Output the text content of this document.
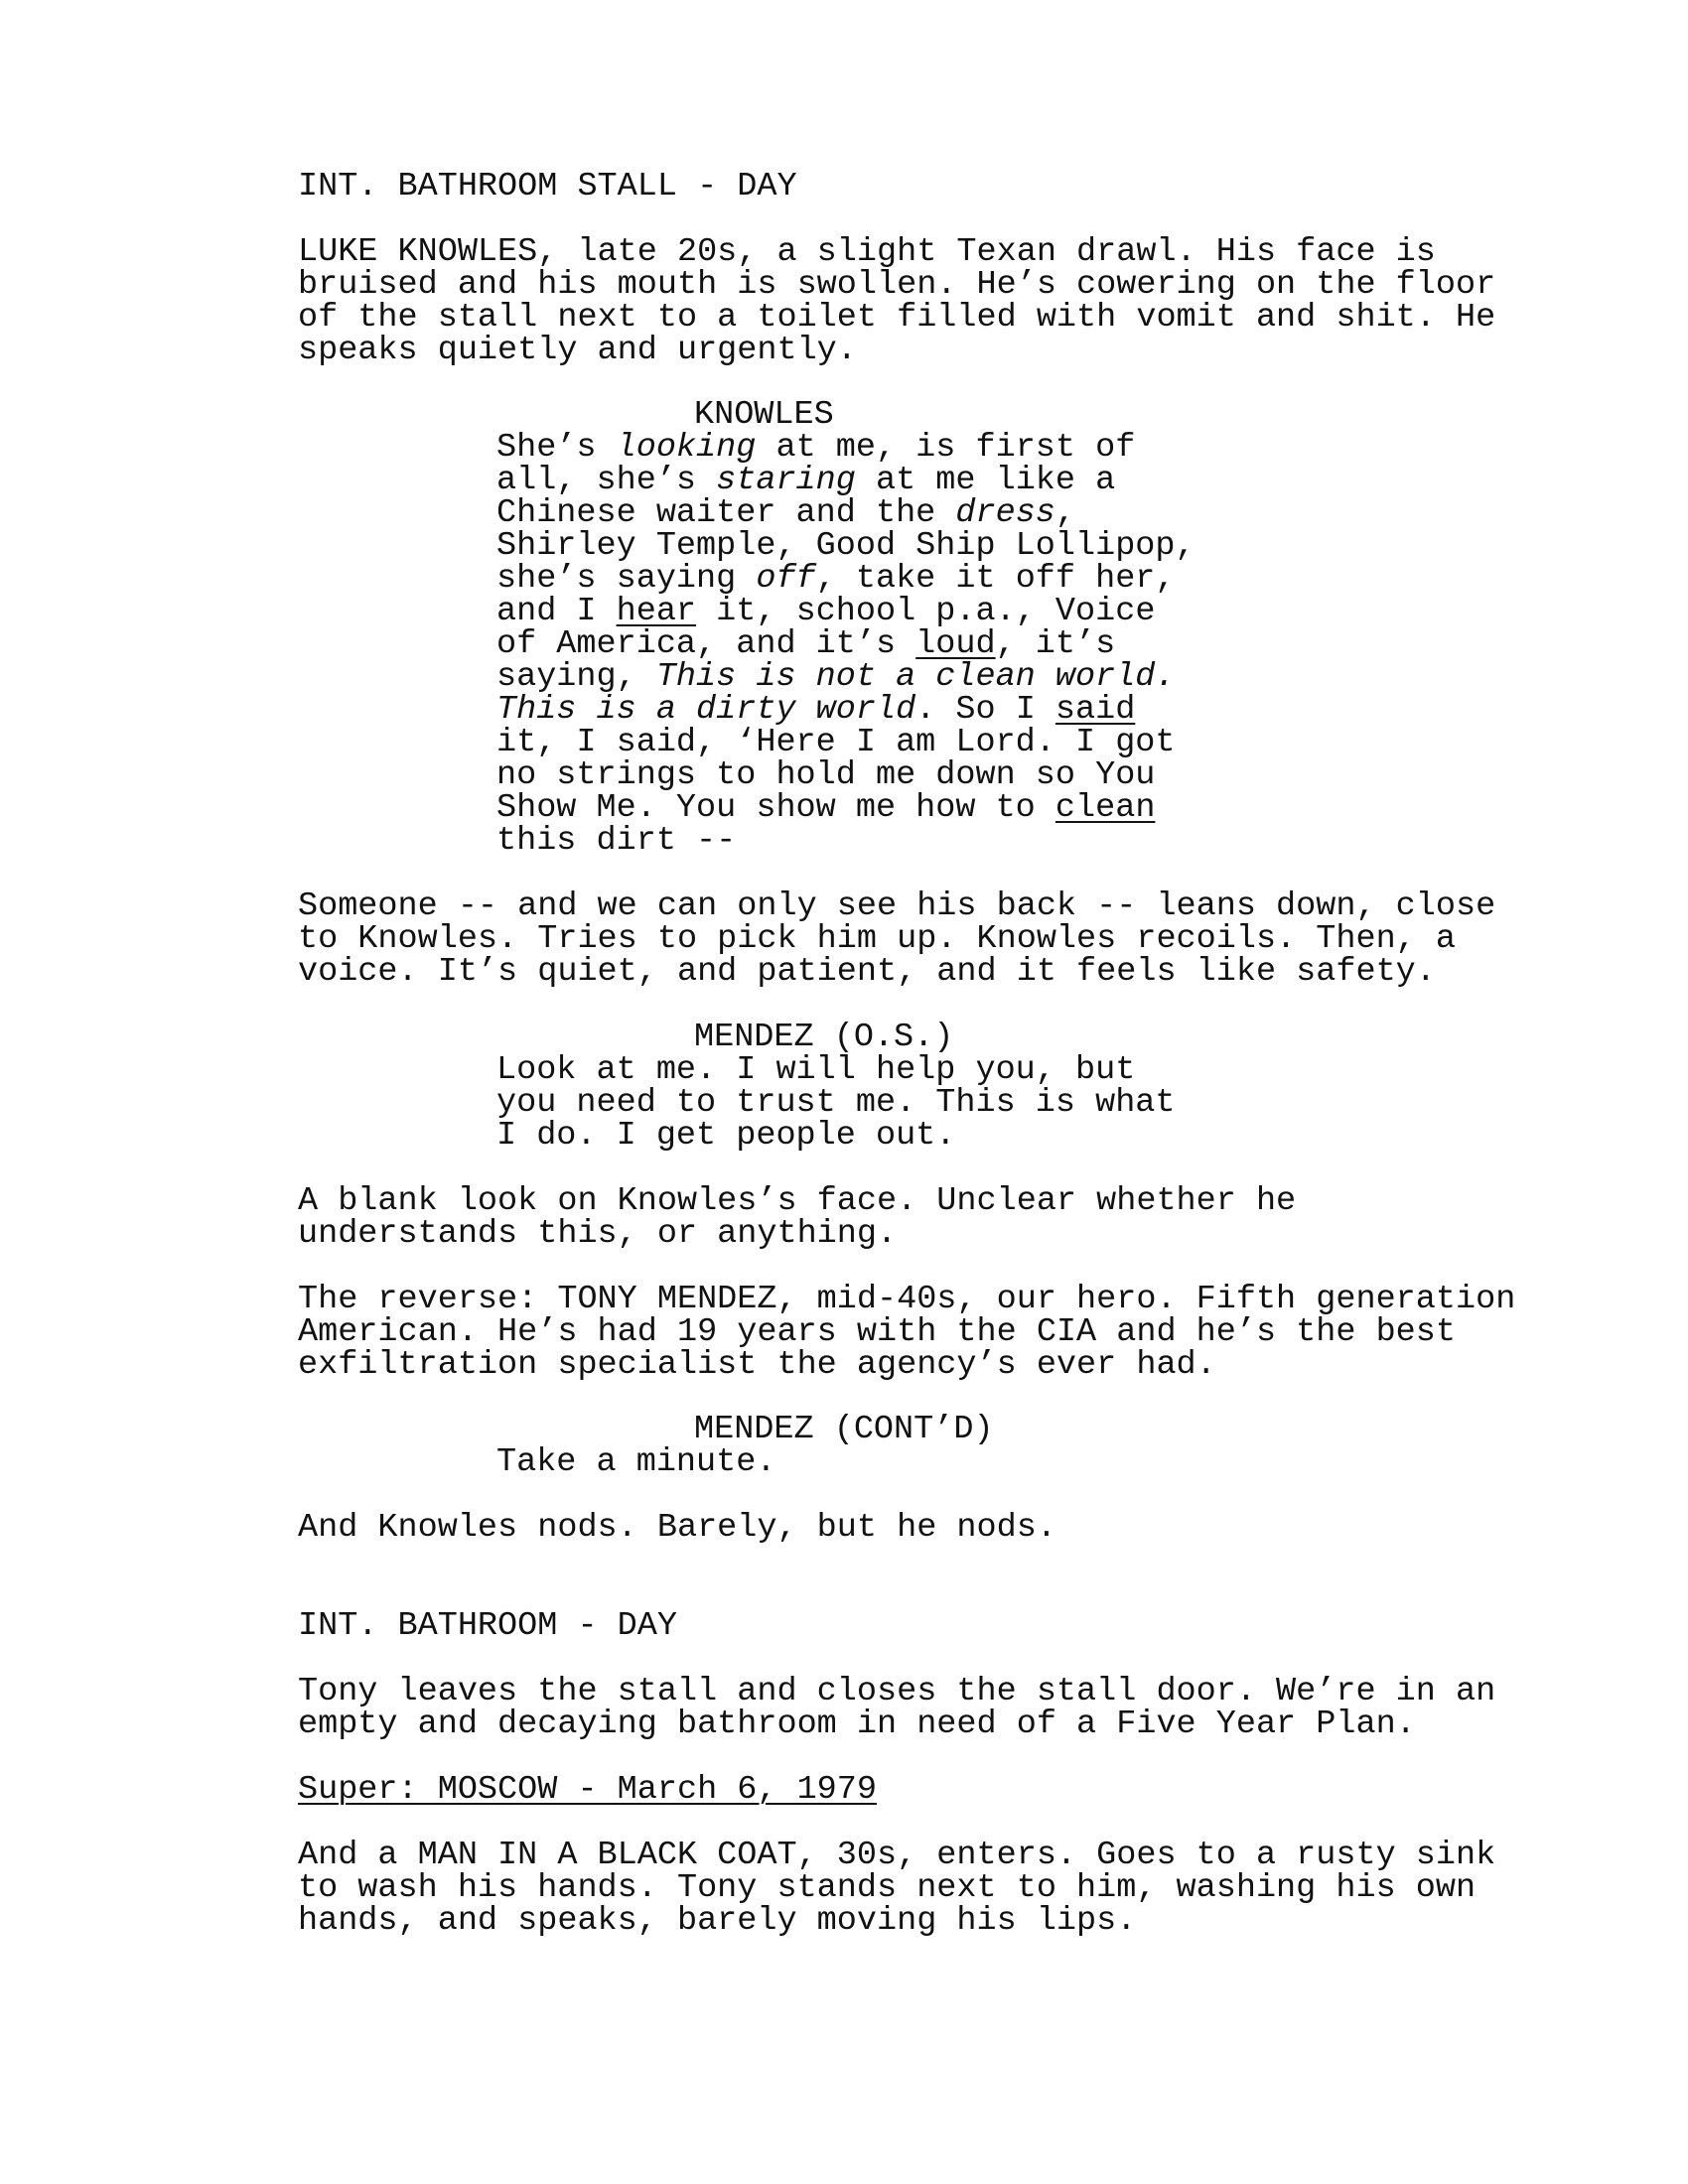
INT. BATHROOM STALL - DAY
LUKE KNOWLES, late 20s, a slight Texan drawl. His face is
bruised and his mouth is swollen. He’s cowering on the floor
of the stall next to a toilet filled with vomit and shit. He
speaks quietly and urgently.
KNOWLES
She’s looking at me, is first of
all, she’s staring at me like a
Chinese waiter and the dress,
Shirley Temple, Good Ship Lollipop,
she’s saying off, take it off her,
and I hear it, school p.a., Voice
of America, and it’s loud, it’s
saying, This is not a clean world.
This is a dirty world. So I said
it, I said, ‘Here I am Lord. I got
no strings to hold me down so You
Show Me. You show me how to clean
this dirt --
Someone -- and we can only see his back -- leans down, close
to Knowles. Tries to pick him up. Knowles recoils. Then, a
voice. It’s quiet, and patient, and it feels like safety.
MENDEZ (O.S.)
Look at me. I will help you, but
you need to trust me. This is what
I do. I get people out.
A blank look on Knowles’s face. Unclear whether he
understands this, or anything.
The reverse: TONY MENDEZ, mid-40s, our hero. Fifth generation
American. He’s had 19 years with the CIA and he’s the best
exfiltration specialist the agency’s ever had.
MENDEZ (CONT’D)
Take a minute.
And Knowles nods. Barely, but he nods.
INT. BATHROOM - DAY
Tony leaves the stall and closes the stall door. We’re in an
empty and decaying bathroom in need of a Five Year Plan.
Super: MOSCOW - March 6, 1979
And a MAN IN A BLACK COAT, 30s, enters. Goes to a rusty sink
to wash his hands. Tony stands next to him, washing his own
hands, and speaks, barely moving his lips.
